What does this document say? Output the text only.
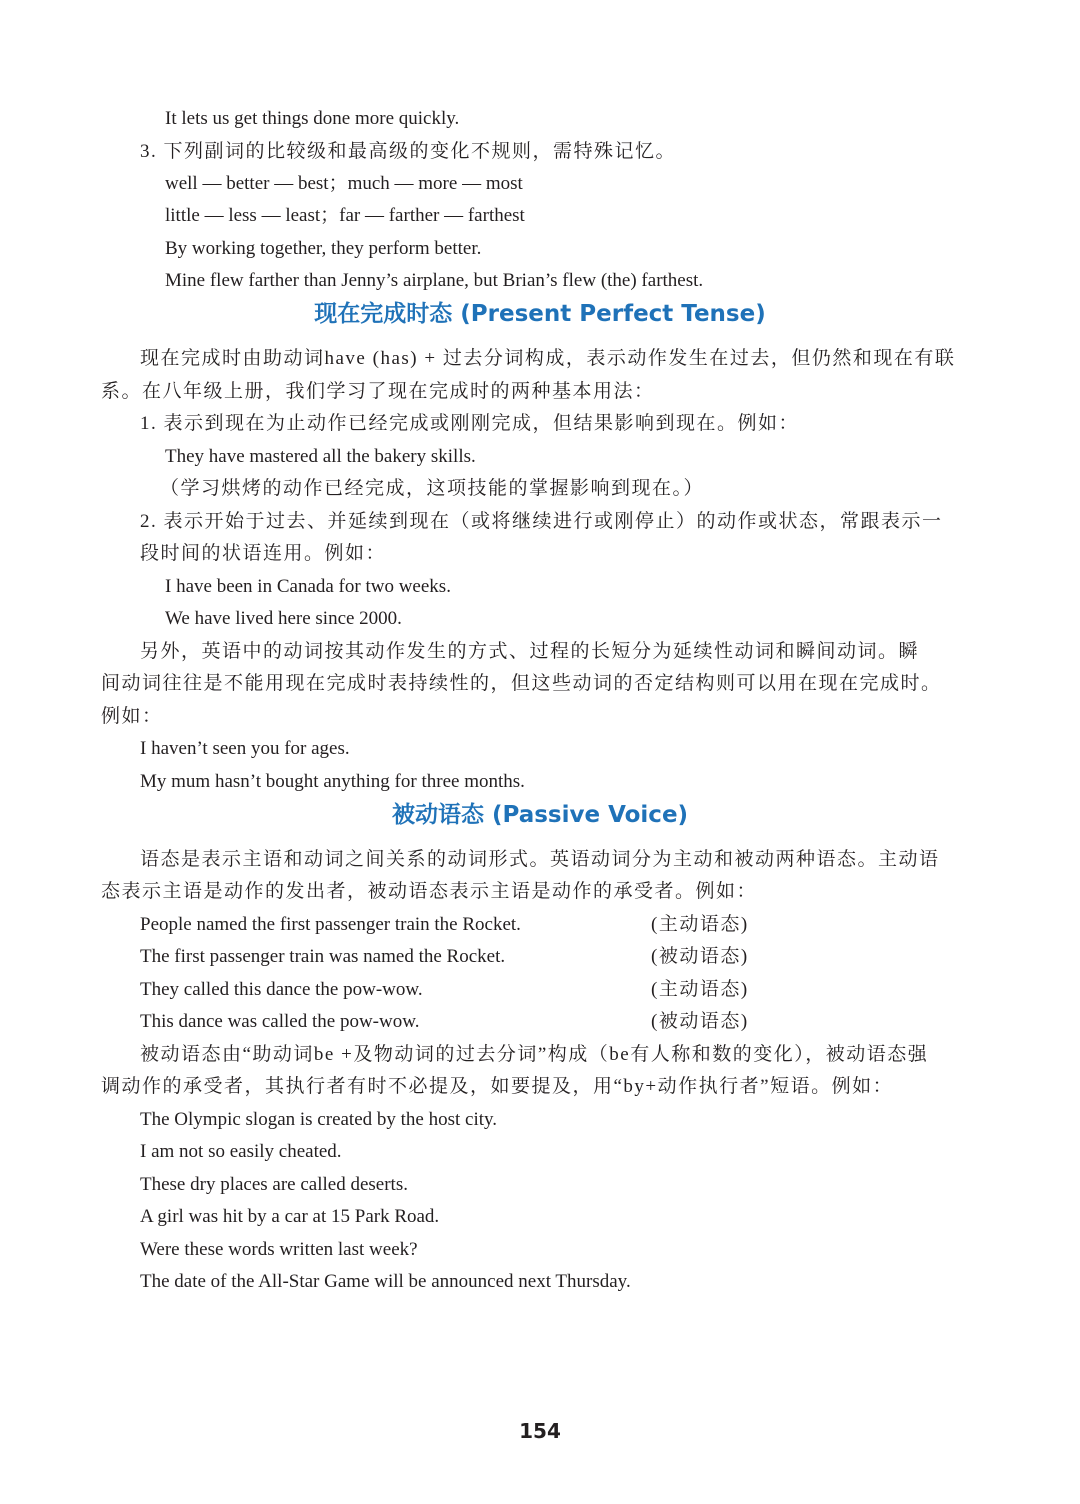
It lets us get things done more quickly.
3. 下列副词的比较级和最高级的变化不规则，需特殊记忆。
well — better — best；much — more — most
little — less — least；far — farther — farthest
By working together, they perform better.
Mine flew farther than Jenny’s airplane, but Brian’s flew (the) farthest.
现在完成时态 (Present Perfect Tense)
现在完成时由助动词have (has) + 过去分词构成，表示动作发生在过去，但仍然和现在有联
系。在八年级上册，我们学习了现在完成时的两种基本用法：
1. 表示到现在为止动作已经完成或刚刚完成，但结果影响到现在。例如：
They have mastered all the bakery skills.
（学习烘烤的动作已经完成，这项技能的掌握影响到现在。）
2. 表示开始于过去、并延续到现在（或将继续进行或刚停止）的动作或状态，常跟表示一
段时间的状语连用。例如：
I have been in Canada for two weeks.
We have lived here since 2000.
另外，英语中的动词按其动作发生的方式、过程的长短分为延续性动词和瞬间动词。瞬
间动词往往是不能用现在完成时表持续性的，但这些动词的否定结构则可以用在现在完成时。
例如：
I haven’t seen you for ages.
My mum hasn’t bought anything for three months.
被动语态 (Passive Voice)
语态是表示主语和动词之间关系的动词形式。英语动词分为主动和被动两种语态。主动语
态表示主语是动作的发出者，被动语态表示主语是动作的承受者。例如：
People named the first passenger train the Rocket.	(主动语态)
The first passenger train was named the Rocket.	(被动语态)
They called this dance the pow-wow.	(主动语态)
This dance was called the pow-wow.	(被动语态)
被动语态由“助动词be +及物动词的过去分词”构成（be有人称和数的变化），被动语态强
调动作的承受者，其执行者有时不必提及，如要提及，用“by+动作执行者”短语。例如：
The Olympic slogan is created by the host city.
I am not so easily cheated.
These dry places are called deserts.
A girl was hit by a car at 15 Park Road.
Were these words written last week?
The date of the All-Star Game will be announced next Thursday.
154
